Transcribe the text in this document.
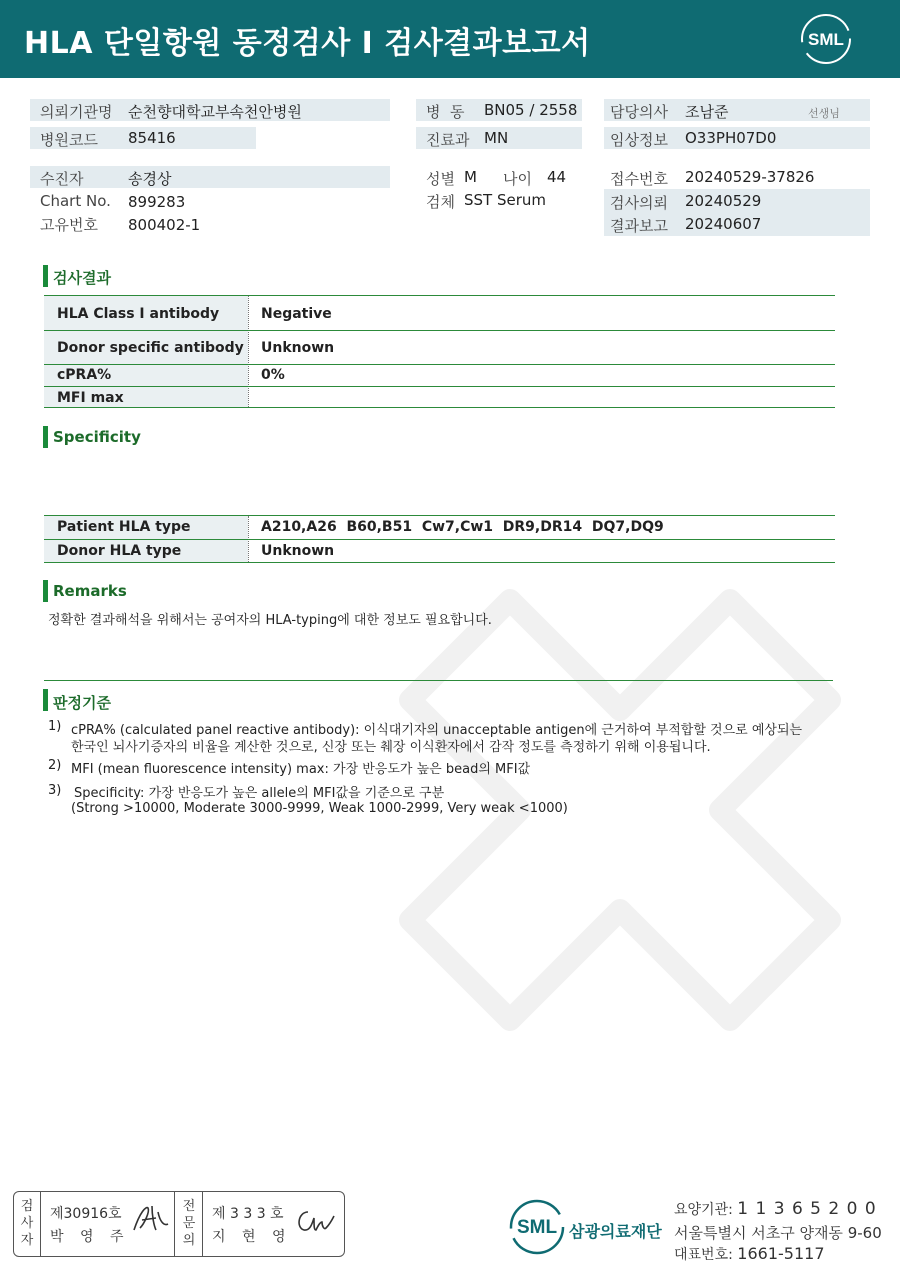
HLA 단일항원 동정검사 I 검사결과보고서	SML
의뢰기관명 순천향대학교부속천안병원
병원코드 85416
수진자	송경상
Chart No. 899283
고유번호 800402-1
병  동 BN05 / 2558
진료과 MN
성별 M 나이 44
검체 SST Serum
담당의사 조남준	선생님
임상정보 O33PH07D0
접수번호 20240529-37826
검사의뢰 20240529
결과보고 20240607
검사결과
HLA Class I antibody	Negative
Donor specific antibody Unknown
cPRA%	0%
MFI max
Specificity
Patient HLA type	A210,A26  B60,B51  Cw7,Cw1  DR9,DR14  DQ7,DQ9
Donor HLA type	Unknown
Remarks
정확한 결과해석을 위해서는 공여자의 HLA-typing에 대한 정보도 필요합니다.
판정기준
1) cPRA% (calculated panel reactive antibody): 이식대기자의 unacceptable antigen에 근거하여 부적합할 것으로 예상되는
한국인 뇌사기증자의 비율을 계산한 것으로, 신장 또는 췌장 이식환자에서 감작 정도를 측정하기 위해 이용됩니다.
2) MFI (mean fluorescence intensity) max: 가장 반응도가 높은 bead의 MFI값
3) Specificity: 가장 반응도가 높은 allele의 MFI값을 기준으로 구분
(Strong >10000, Moderate 3000-9999, Weak 1000-2999, Very weak <1000)
검
사
자
제30916호
박 영 주
전
문
의
제 3 3 3 호
지 현 영	SML 삼광의료재단
요양기관: 1 1 3 6 5 2 0 0
서울특별시 서초구 양재동 9-60
대표번호: 1661-5117
